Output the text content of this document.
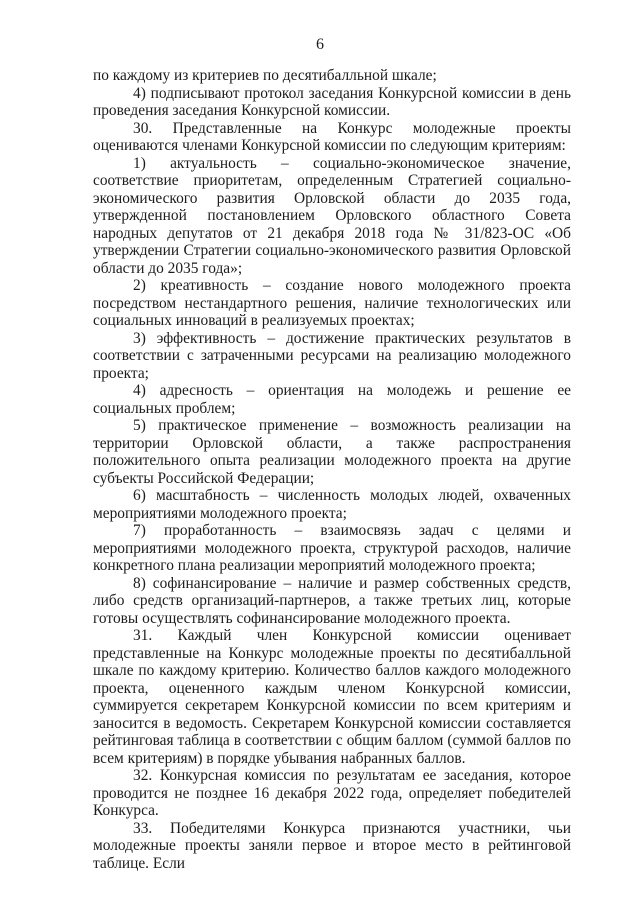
6

по каждому из критериев по десятибалльной шкале;

4) подписывают протокол заседания Конкурсной комиссии в день проведения заседания Конкурсной комиссии.

30. Представленные на Конкурс молодежные проекты оцениваются членами Конкурсной комиссии по следующим критериям:

1) актуальность – социально-экономическое значение, соответствие приоритетам, определенным Стратегией социально-экономического развития Орловской области до 2035 года, утвержденной постановлением Орловского областного Совета народных депутатов от 21 декабря 2018 года № 31/823-ОС «Об утверждении Стратегии социально-экономического развития Орловской области до 2035 года»;

2) креативность – создание нового молодежного проекта посредством нестандартного решения, наличие технологических или социальных инноваций в реализуемых проектах;

3) эффективность – достижение практических результатов в соответствии с затраченными ресурсами на реализацию молодежного проекта;

4) адресность – ориентация на молодежь и решение ее социальных проблем;

5) практическое применение – возможность реализации на территории Орловской области, а также распространения положительного опыта реализации молодежного проекта на другие субъекты Российской Федерации;

6) масштабность – численность молодых людей, охваченных мероприятиями молодежного проекта;

7) проработанность – взаимосвязь задач с целями и мероприятиями молодежного проекта, структурой расходов, наличие конкретного плана реализации мероприятий молодежного проекта;

8) софинансирование – наличие и размер собственных средств, либо средств организаций-партнеров, а также третьих лиц, которые готовы осуществлять софинансирование молодежного проекта.

31. Каждый член Конкурсной комиссии оценивает представленные на Конкурс молодежные проекты по десятибалльной шкале по каждому критерию. Количество баллов каждого молодежного проекта, оцененного каждым членом Конкурсной комиссии, суммируется секретарем Конкурсной комиссии по всем критериям и заносится в ведомость. Секретарем Конкурсной комиссии составляется рейтинговая таблица в соответствии с общим баллом (суммой баллов по всем критериям) в порядке убывания набранных баллов.

32. Конкурсная комиссия по результатам ее заседания, которое проводится не позднее 16 декабря 2022 года, определяет победителей Конкурса.

33. Победителями Конкурса признаются участники, чьи молодежные проекты заняли первое и второе место в рейтинговой таблице. Если
